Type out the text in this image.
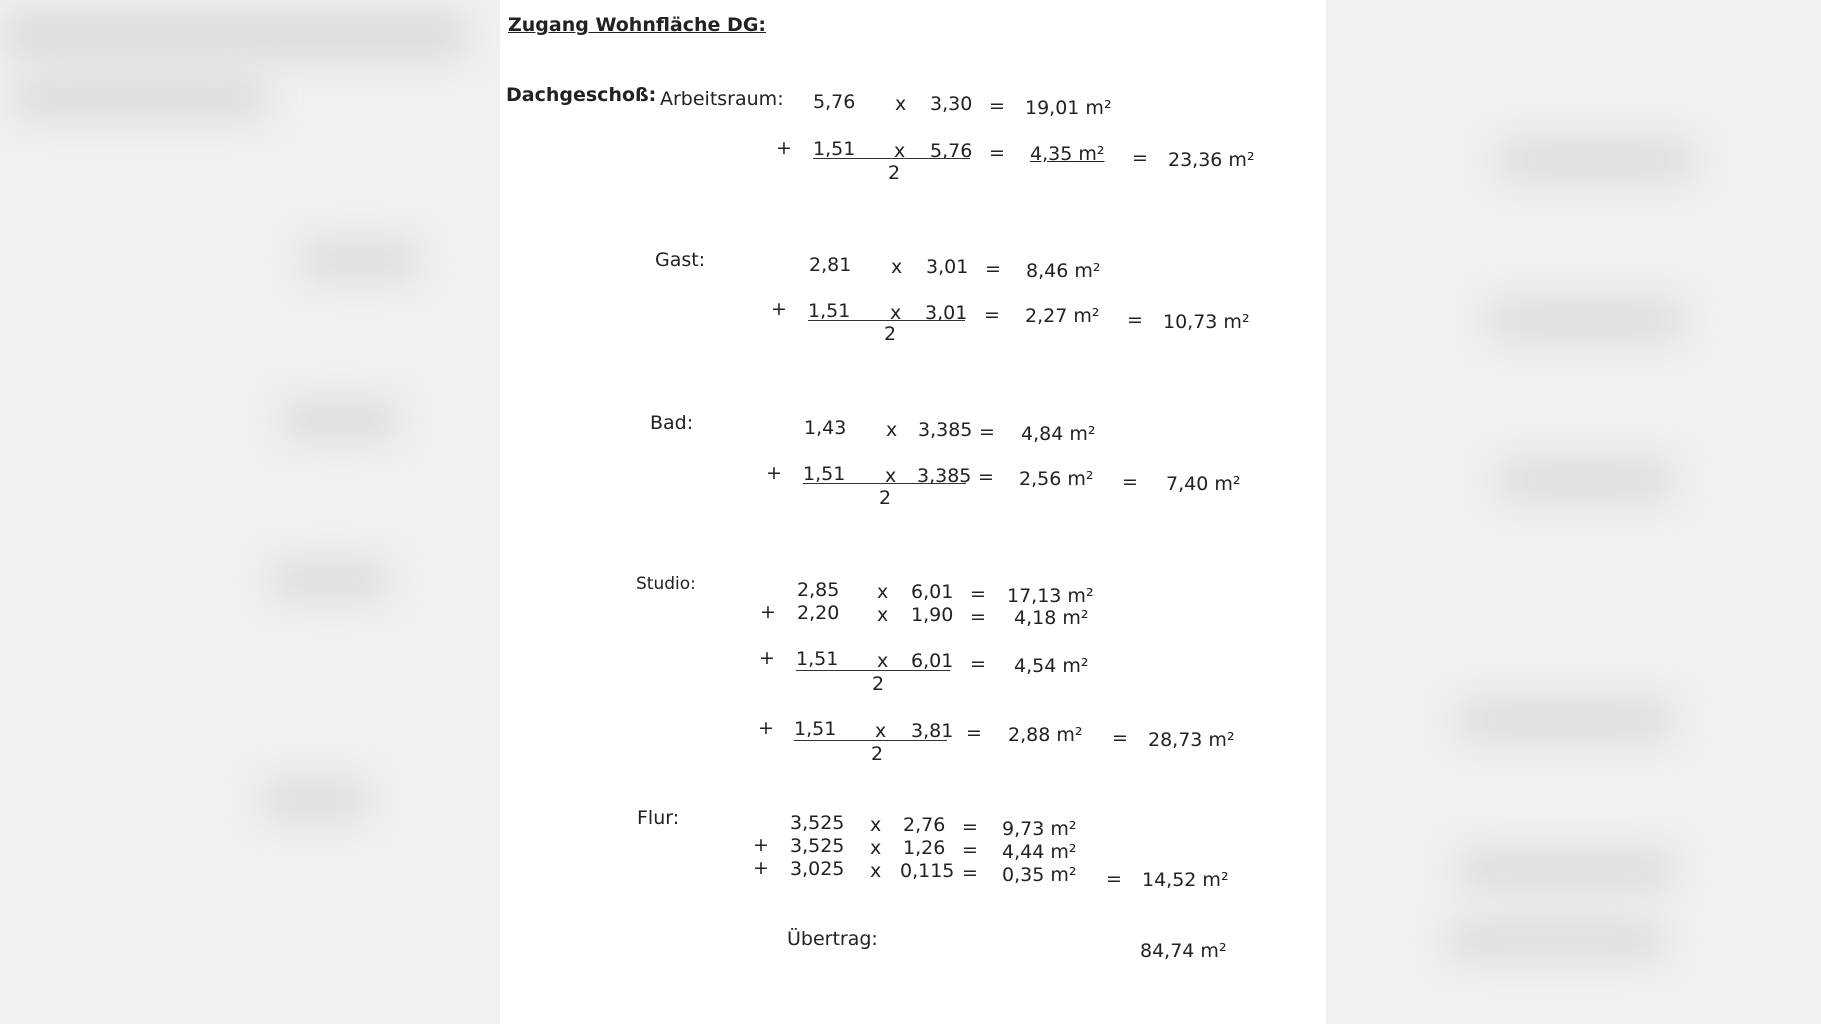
Zugang Wohnfläche DG:
Dachgeschoß: Arbeitsraum: 5,76 x 3,30 = 19,01 m²
+ 1,51 x 5,76
2
= 4,35 m² = 23,36 m²
Gast:	2,81 x 3,01 = 8,46 m²
+ 1,51 x 3,01
2
= 2,27 m² = 10,73 m²
Bad:	1,43 x 3,385 = 4,84 m²
+ 1,51 x 3,385
2
= 2,56 m² = 7,40 m²
Studio:	2,85 x 6,01 = 17,13 m²
+ 2,20 x 1,90 = 4,18 m²
+ 1,51 x 6,01
2
= 4,54 m²
+ 1,51 x 3,81
2
= 2,88 m² = 28,73 m²
Flur:	3,525 x 2,76 = 9,73 m²
+ 3,525 x 1,26 = 4,44 m²
+ 3,025 x 0,115 = 0,35 m² = 14,52 m²
Übertrag:
84,74 m²
